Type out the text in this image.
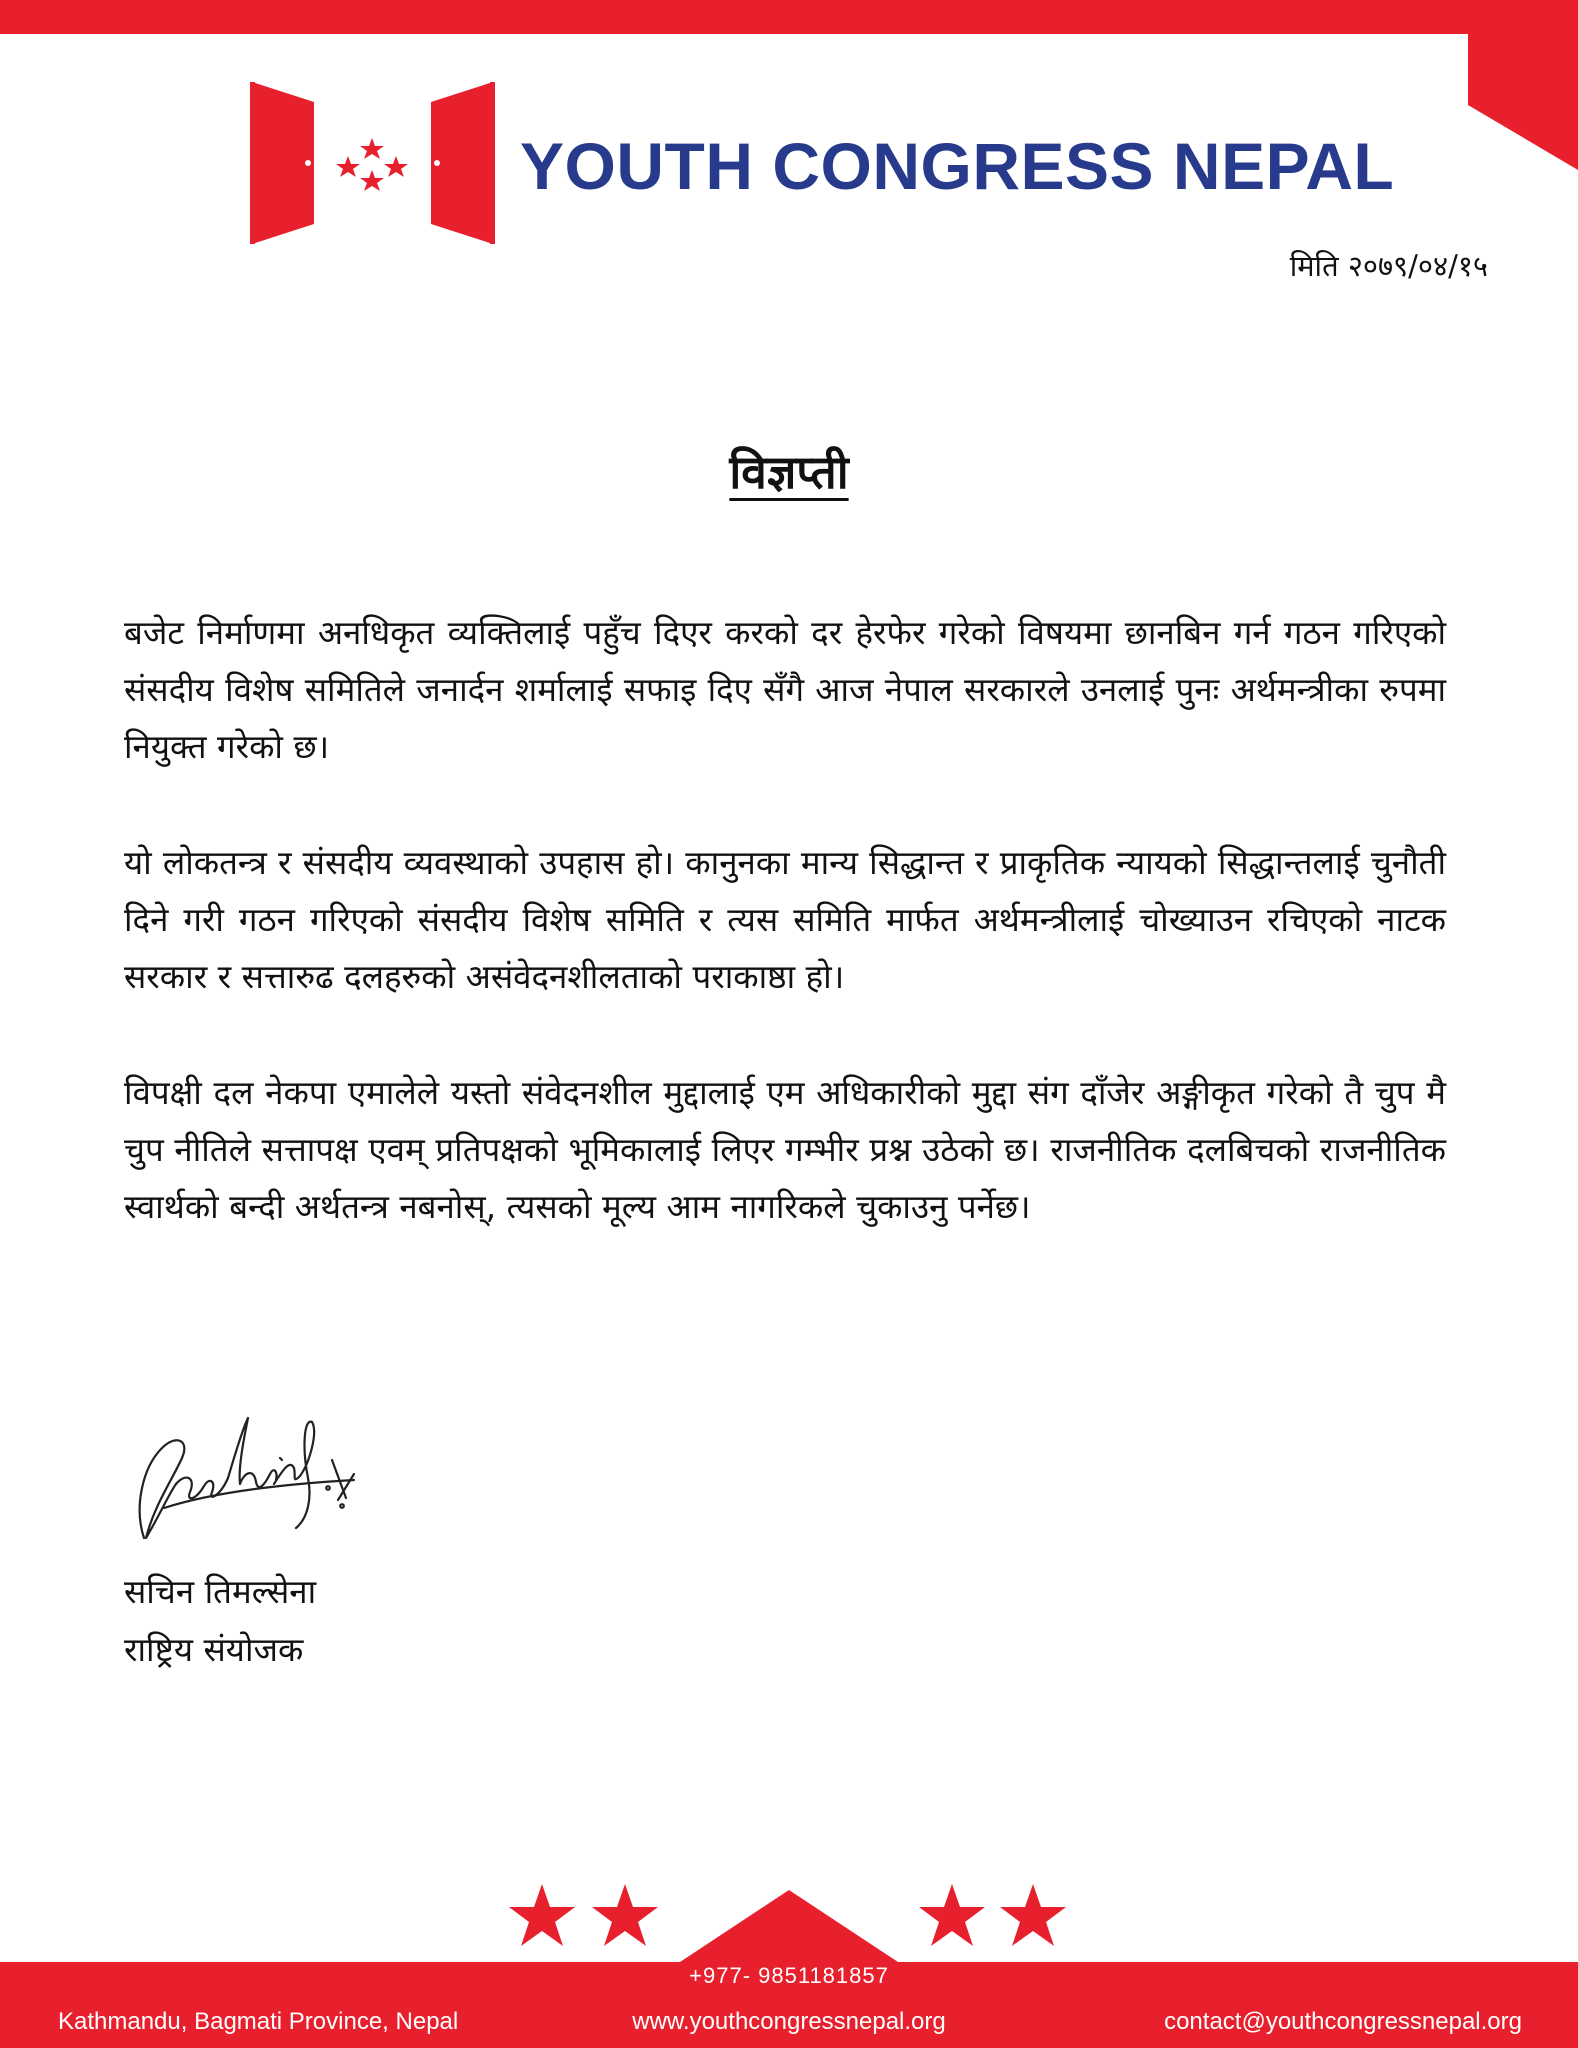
YOUTH CONGRESS NEPAL
मिति २०७९/०४/१५
विज्ञप्ती

बजेट निर्माणमा अनधिकृत व्यक्तिलाई पहुँच दिएर करको दर हेरफेर गरेको विषयमा छानबिन गर्न गठन गरिएको संसदीय विशेष समितिले जनार्दन शर्मालाई सफाइ दिए सँगै आज नेपाल सरकारले उनलाई पुनः अर्थमन्त्रीका रुपमा नियुक्त गरेको छ।

यो लोकतन्त्र र संसदीय व्यवस्थाको उपहास हो। कानुनका मान्य सिद्धान्त र प्राकृतिक न्यायको सिद्धान्तलाई चुनौती दिने गरी गठन गरिएको संसदीय विशेष समिति र त्यस समिति मार्फत अर्थमन्त्रीलाई चोख्याउन रचिएको नाटक सरकार र सत्तारुढ दलहरुको असंवेदनशीलताको पराकाष्ठा हो।

विपक्षी दल नेकपा एमालेले यस्तो संवेदनशील मुद्दालाई एम अधिकारीको मुद्दा संग दाँजेर अङ्गीकृत गरेको तै चुप मै चुप नीतिले सत्तापक्ष एवम् प्रतिपक्षको भूमिकालाई लिएर गम्भीर प्रश्न उठेको छ। राजनीतिक दलबिचको राजनीतिक स्वार्थको बन्दी अर्थतन्त्र नबनोस्, त्यसको मूल्य आम नागरिकले चुकाउनु पर्नेछ।

सचिन तिमल्सेना
राष्ट्रिय संयोजक
+977- 9851181857
Kathmandu, Bagmati Province, Nepal	www.youthcongressnepal.org	contact@youthcongressnepal.org
